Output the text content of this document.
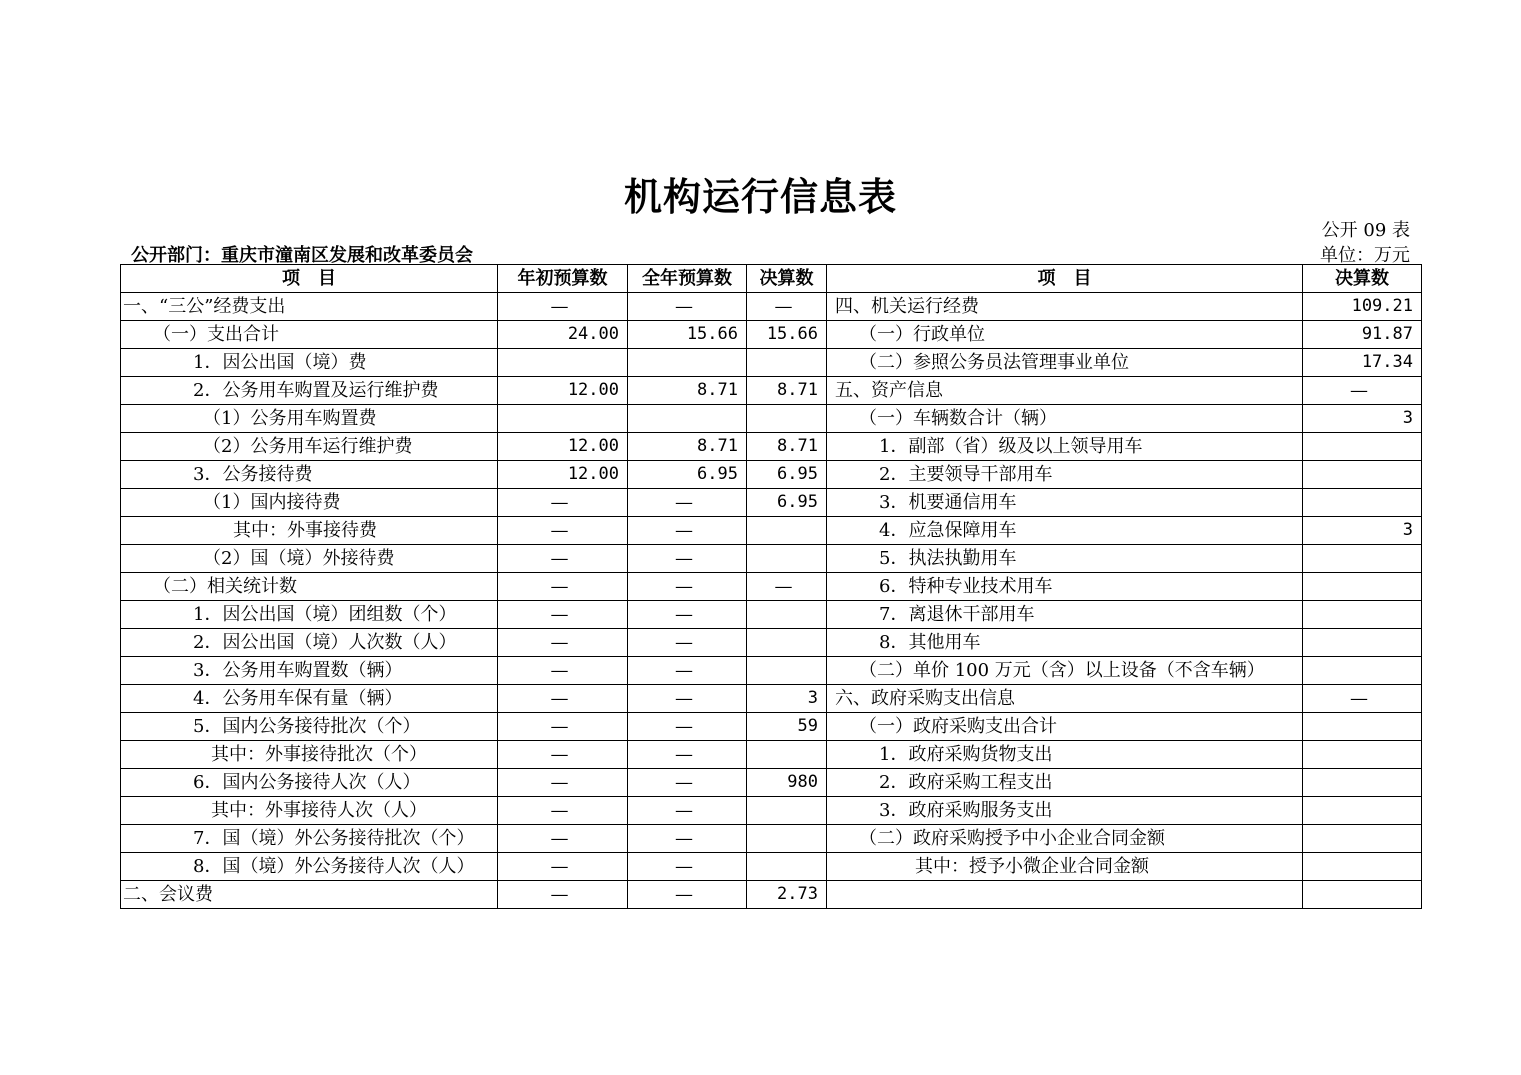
机构运行信息表
公开 09 表
单位：万元
公开部门：重庆市潼南区发展和改革委员会
项　目	年初预算数	全年预算数	决算数	项　目	决算数
一、“三公”经费支出	—	—	—	四、机关运行经费	109.21
（一）支出合计	24.00	15.66	15.66	（一）行政单位	91.87
1．因公出国（境）费				（二）参照公务员法管理事业单位	17.34
2．公务用车购置及运行维护费	12.00	8.71	8.71	五、资产信息	—
（1）公务用车购置费				（一）车辆数合计（辆）	3
（2）公务用车运行维护费	12.00	8.71	8.71	1．副部（省）级及以上领导用车	
3．公务接待费	12.00	6.95	6.95	2．主要领导干部用车	
（1）国内接待费	—	—	6.95	3．机要通信用车	
其中：外事接待费	—	—		4．应急保障用车	3
（2）国（境）外接待费	—	—		5．执法执勤用车	
（二）相关统计数	—	—	—	6．特种专业技术用车	
1．因公出国（境）团组数（个）	—	—		7．离退休干部用车	
2．因公出国（境）人次数（人）	—	—		8．其他用车	
3．公务用车购置数（辆）	—	—		（二）单价 100 万元（含）以上设备（不含车辆）	
4．公务用车保有量（辆）	—	—	3	六、政府采购支出信息	—
5．国内公务接待批次（个）	—	—	59	（一）政府采购支出合计	
其中：外事接待批次（个）	—	—		1．政府采购货物支出	
6．国内公务接待人次（人）	—	—	980	2．政府采购工程支出	
其中：外事接待人次（人）	—	—		3．政府采购服务支出	
7．国（境）外公务接待批次（个）	—	—		（二）政府采购授予中小企业合同金额	
8．国（境）外公务接待人次（人）	—	—		其中：授予小微企业合同金额	
二、会议费	—	—	2.73		
